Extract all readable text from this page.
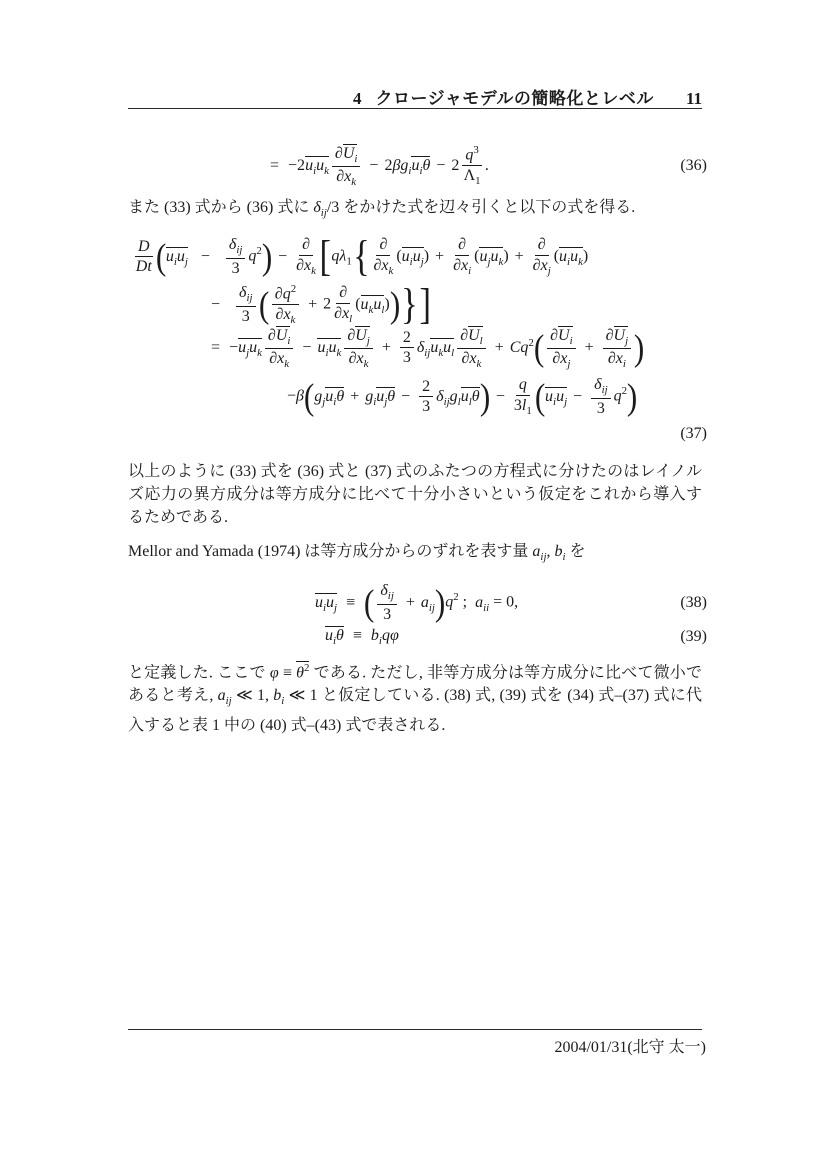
4 クロージャモデルの簡略化とレベル 11
= $-2u_iu_k \frac{\partial U_i}{\partial x_k} - 2\beta g_iu_i\theta - 2 \frac{q^3}{\Lambda_1}$ .	(36)
また (33) 式から (36) 式に $\delta_{ij}/3$ をかけた式を辺々引くと以下の式を得る.
$\frac{D}{Dt} (u_iu_j$ −
$\delta_{ij}$
3
$q^2$) −
∂
$\partial x_k$ [$q\lambda_1${ ∂
$\partial x_k$
$(u_iu_j)$ +
∂
$\partial x_i$
$(u_ju_k)$ +
∂
$\partial x_j$
$(u_iu_k)$
−
$\delta_{ij}$
3 ( $\frac{\partial q^2}{\partial x_k} + 2$
∂
$\partial x_l$
$(u_ku_l)$)}]
= $-u_ju_k \frac{\partial U_i}{\partial x_k} - u_iu_k \frac{\partial U_j}{\partial x_k} + \frac{2}{3} \delta_{ij}u_ku_l \frac{\partial U_l}{\partial x_k} + Cq^2( \frac{\partial U_i}{\partial x_j} + \frac{\partial U_j}{\partial x_i}$ )
$-\beta(g_ju_i\theta + g_iu_j\theta - \frac{2}{3} \delta_{ij}g_lu_l\theta) - \frac{q}{3l_1} (u_iu_j$ −
$\delta_{ij}$
3
$q^2$)
(37)
以上のように (33) 式を (36) 式と (37) 式のふたつの方程式に分けたのはレイノルズ応力の異方成分は等方成分に比べて十分小さいという仮定をこれから導入するためである.
Mellor and Yamada (1974) は等方成分からのずれを表す量 $a_{ij}$, $b_i$ を
$u_iu_j$ ≡ ( $\delta_{ij}$
3
+ $a_{ij})q^2$ ;  $a_{ii} = 0$,	(38)
$u_i\theta \equiv b_iq\varphi$	(39)
と定義した. ここで $\varphi \equiv \theta^2$ である. ただし, 非等方成分は等方成分に比べて微小であると考え, $a_{ij}$ ≪ 1, $b_i$ ≪ 1 と仮定している. (38) 式, (39) 式を (34) 式–(37) 式に代入すると表 1 中の (40) 式–(43) 式で表される.
2004/01/31(北守 太一)
